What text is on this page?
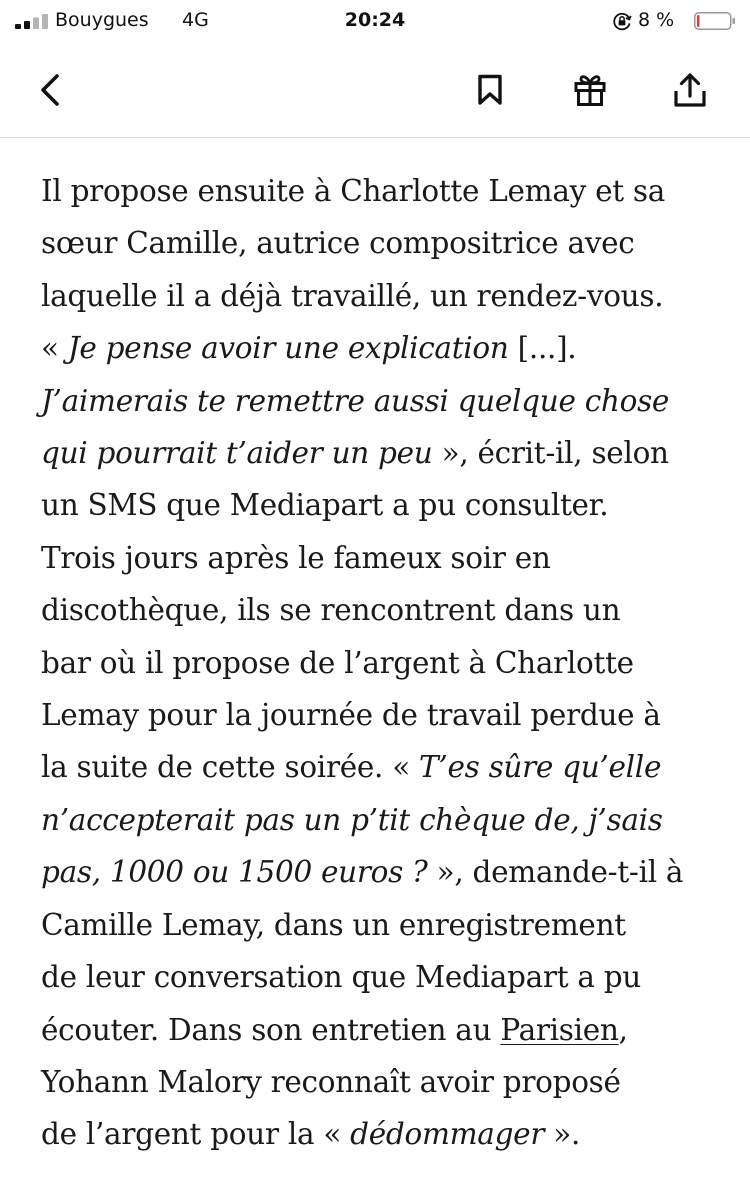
Bouygues 4G	20:24	8 %
Il propose ensuite à Charlotte Lemay et sa
sœur Camille, autrice compositrice avec
laquelle il a déjà travaillé, un rendez-vous.
« Je pense avoir une explication [...].
J’aimerais te remettre aussi quelque chose
qui pourrait t’aider un peu », écrit-il, selon
un SMS que Mediapart a pu consulter.
Trois jours après le fameux soir en
discothèque, ils se rencontrent dans un
bar où il propose de l’argent à Charlotte
Lemay pour la journée de travail perdue à
la suite de cette soirée. « T’es sûre qu’elle
n’accepterait pas un p’tit chèque de, j’sais
pas, 1000 ou 1500 euros ? », demande-t-il à
Camille Lemay, dans un enregistrement
de leur conversation que Mediapart a pu
écouter. Dans son entretien au Parisien,
Yohann Malory reconnaît avoir proposé
de l’argent pour la « dédommager ».
